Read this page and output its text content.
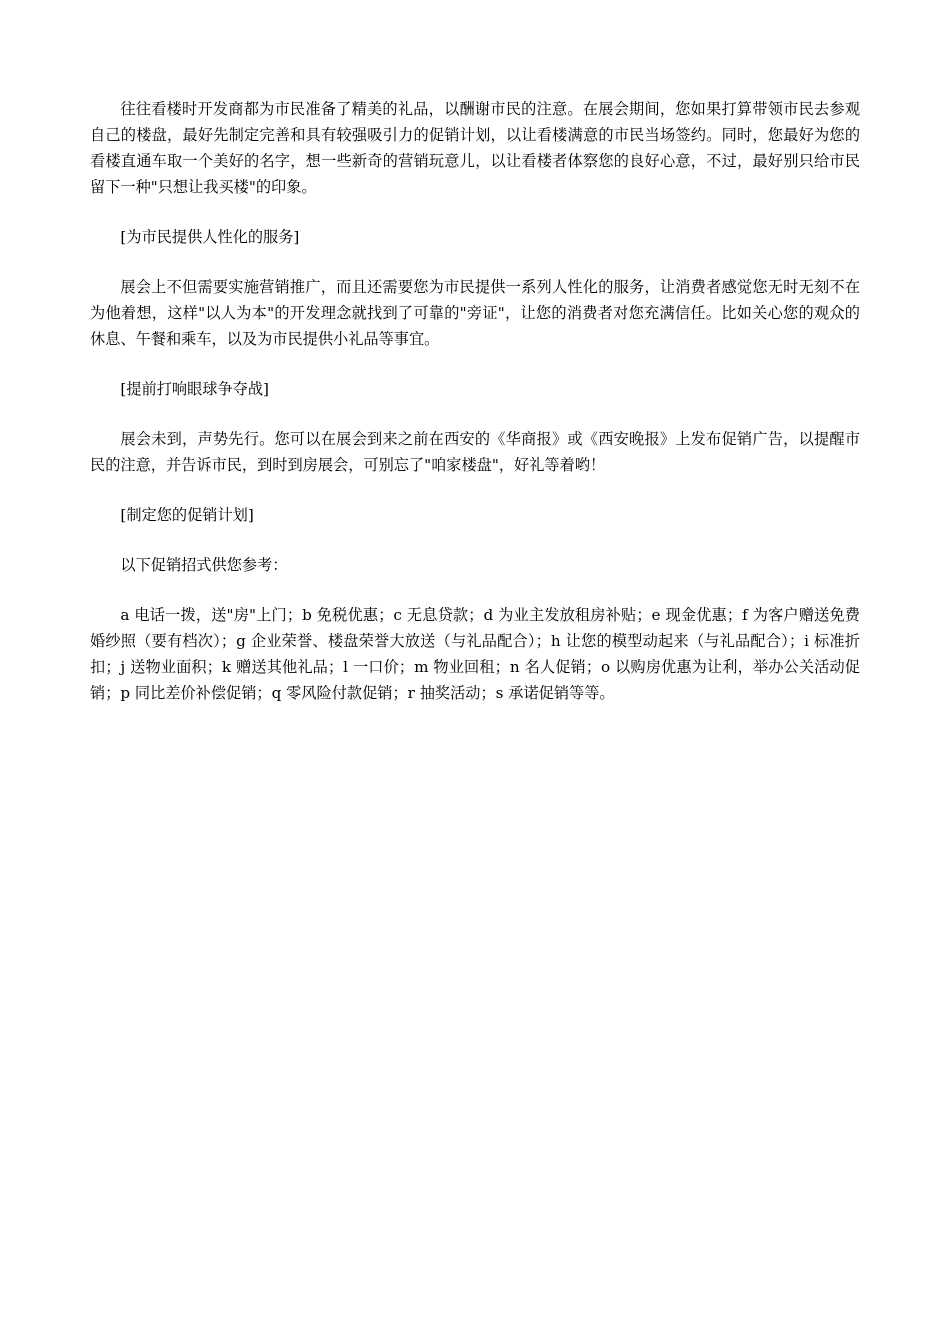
往往看楼时开发商都为市民准备了精美的礼品，以酬谢市民的注意。在展会期间，您如果打算带领市民去参观自己的楼盘，最好先制定完善和具有较强吸引力的促销计划，以让看楼满意的市民当场签约。同时，您最好为您的看楼直通车取一个美好的名字，想一些新奇的营销玩意儿，以让看楼者体察您的良好心意，不过，最好别只给市民留下一种"只想让我买楼"的印象。

[为市民提供人性化的服务]

展会上不但需要实施营销推广，而且还需要您为市民提供一系列人性化的服务，让消费者感觉您无时无刻不在为他着想，这样"以人为本"的开发理念就找到了可靠的"旁证"，让您的消费者对您充满信任。比如关心您的观众的休息、午餐和乘车，以及为市民提供小礼品等事宜。

[提前打响眼球争夺战]

展会未到，声势先行。您可以在展会到来之前在西安的《华商报》或《西安晚报》上发布促销广告，以提醒市民的注意，并告诉市民，到时到房展会，可别忘了"咱家楼盘"，好礼等着哟！

[制定您的促销计划]

以下促销招式供您参考：

a 电话一拨，送"房"上门；b 免税优惠；c 无息贷款；d 为业主发放租房补贴；e 现金优惠；f 为客户赠送免费婚纱照（要有档次）；g 企业荣誉、楼盘荣誉大放送（与礼品配合）；h 让您的模型动起来（与礼品配合）；i 标准折扣；j 送物业面积；k 赠送其他礼品；l 一口价；m 物业回租；n 名人促销；o 以购房优惠为让利，举办公关活动促销；p 同比差价补偿促销；q 零风险付款促销；r 抽奖活动；s 承诺促销等等。
